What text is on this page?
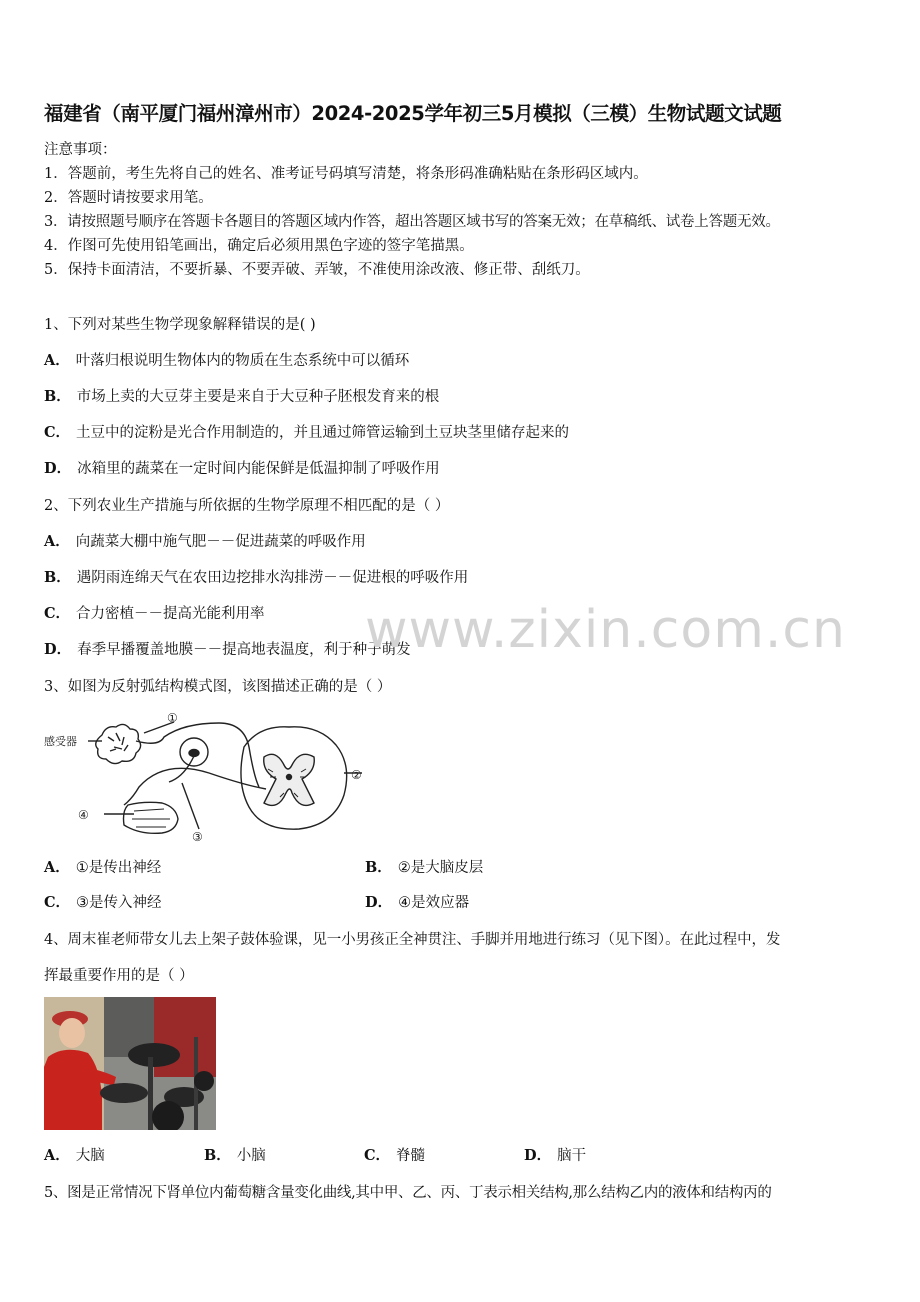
福建省（南平厦门福州漳州市）2024-2025学年初三5月模拟（三模）生物试题文试题
注意事项：
1．答题前，考生先将自己的姓名、准考证号码填写清楚，将条形码准确粘贴在条形码区域内。
2．答题时请按要求用笔。
3．请按照题号顺序在答题卡各题目的答题区域内作答，超出答题区域书写的答案无效；在草稿纸、试卷上答题无效。
4．作图可先使用铅笔画出，确定后必须用黑色字迹的签字笔描黑。
5．保持卡面清洁，不要折暴、不要弄破、弄皱，不准使用涂改液、修正带、刮纸刀。
1、下列对某些生物学现象解释错误的是( )
A． 叶落归根说明生物体内的物质在生态系统中可以循环
B． 市场上卖的大豆芽主要是来自于大豆种子胚根发育来的根
C． 土豆中的淀粉是光合作用制造的，并且通过筛管运输到土豆块茎里储存起来的
D． 冰箱里的蔬菜在一定时间内能保鲜是低温抑制了呼吸作用
2、下列农业生产措施与所依据的生物学原理不相匹配的是（ ）
A． 向蔬菜大棚中施气肥－－促进蔬菜的呼吸作用
B． 遇阴雨连绵天气在农田边挖排水沟排涝－－促进根的呼吸作用
C． 合力密植－－提高光能利用率
D． 春季早播覆盖地膜－－提高地表温度，利于种子萌发
www.zixin.com.cn
3、如图为反射弧结构模式图，该图描述正确的是（ ）
感受器
①
②
③
④
A． ①是传出神经	B． ②是大脑皮层
C． ③是传入神经	D． ④是效应器
4、周末崔老师带女儿去上架子鼓体验课，见一小男孩正全神贯注、手脚并用地进行练习（见下图）。在此过程中，发
挥最重要作用的是（ ）
A． 大脑	B． 小脑	C． 脊髓	D． 脑干
5、图是正常情况下肾单位内葡萄糖含量变化曲线,其中甲、乙、丙、丁表示相关结构,那么结构乙内的液体和结构丙的
